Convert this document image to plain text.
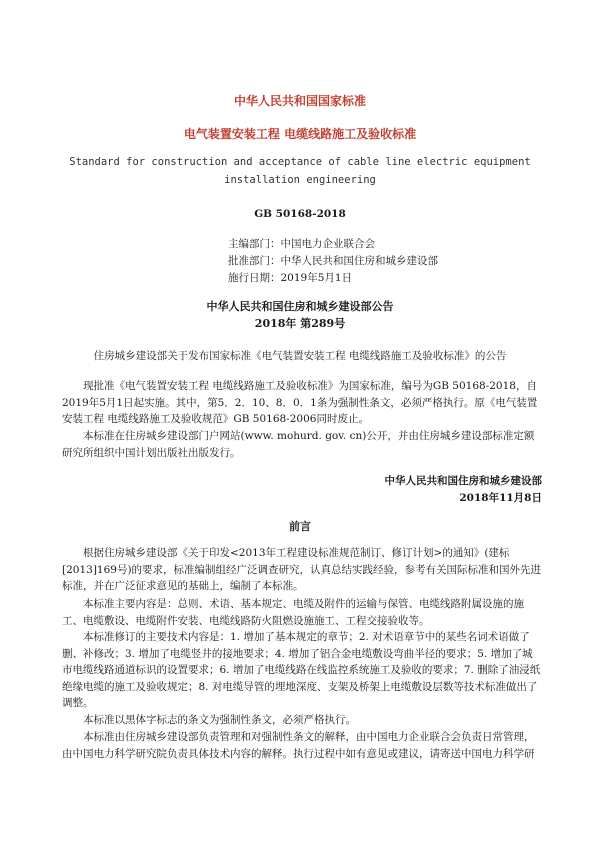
中华人民共和国国家标准
电气装置安装工程 电缆线路施工及验收标准
Standard for construction and acceptance of cable line electric equipment installation engineering
GB 50168-2018
主编部门：中国电力企业联合会
批准部门：中华人民共和国住房和城乡建设部
施行日期：2019年5月1日
中华人民共和国住房和城乡建设部公告
2018年 第289号
住房城乡建设部关于发布国家标准《电气装置安装工程 电缆线路施工及验收标准》的公告

现批准《电气装置安装工程 电缆线路施工及验收标准》为国家标准，编号为GB 50168-2018，自2019年5月1日起实施。其中，第5．2．10、8．0．1条为强制性条文，必须严格执行。原《电气装置安装工程 电缆线路施工及验收规范》GB 50168-2006同时废止。

本标准在住房城乡建设部门户网站(www. mohurd. gov. cn)公开，并由住房城乡建设部标准定额研究所组织中国计划出版社出版发行。

中华人民共和国住房和城乡建设部
2018年11月8日
前言

根据住房城乡建设部《关于印发<2013年工程建设标准规范制订、修订计划>的通知》(建标[2013]169号)的要求，标准编制组经广泛调查研究，认真总结实践经验，参考有关国际标准和国外先进标准，并在广泛征求意见的基础上，编制了本标准。

本标准主要内容是：总则、术语、基本规定、电缆及附件的运输与保管、电缆线路附属设施的施工、电缆敷设、电缆附件安装、电缆线路防火阻燃设施施工、工程交接验收等。

本标准修订的主要技术内容是：1. 增加了基本规定的章节；2. 对术语章节中的某些名词术语做了删、补修改；3. 增加了电缆竖井的接地要求；4. 增加了铝合金电缆敷设弯曲半径的要求；5. 增加了城市电缆线路通道标识的设置要求；6. 增加了电缆线路在线监控系统施工及验收的要求；7. 删除了油浸纸绝缘电缆的施工及验收规定；8. 对电缆导管的埋地深度、支架及桥架上电缆敷设层数等技术标准做出了调整。

本标准以黑体字标志的条文为强制性条文，必须严格执行。

本标准由住房城乡建设部负责管理和对强制性条文的解释，由中国电力企业联合会负责日常管理，由中国电力科学研究院负责具体技术内容的解释。执行过程中如有意见或建议，请寄送中国电力科学研
